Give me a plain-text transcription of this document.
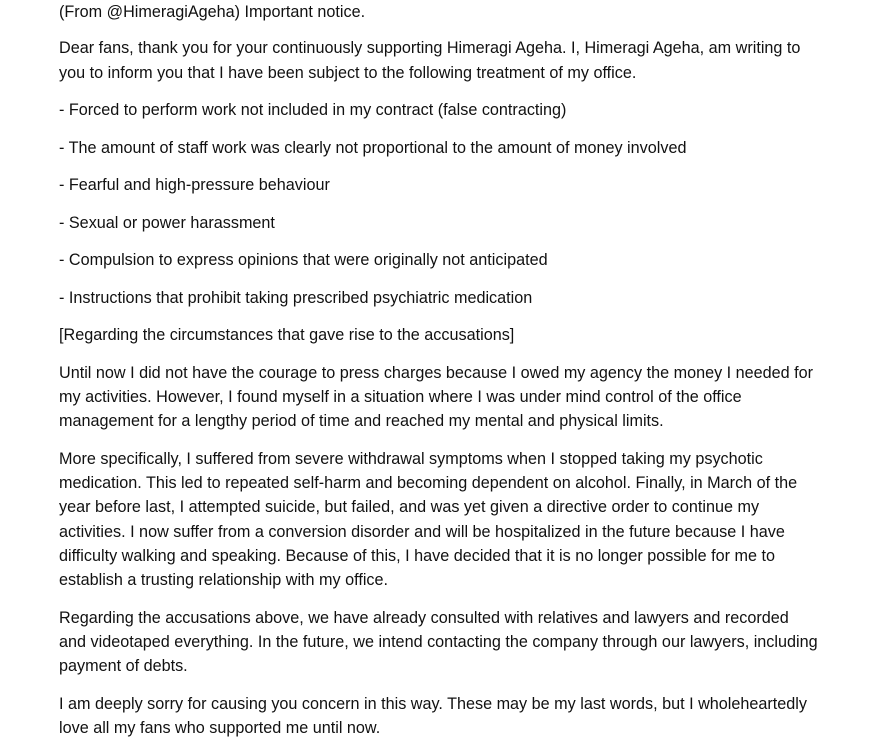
(From @HimeragiAgeha) Important notice.

Dear fans, thank you for your continuously supporting Himeragi Ageha. I, Himeragi Ageha, am writing to you to inform you that I have been subject to the following treatment of my office.

- Forced to perform work not included in my contract (false contracting)

- The amount of staff work was clearly not proportional to the amount of money involved

- Fearful and high-pressure behaviour

- Sexual or power harassment

- Compulsion to express opinions that were originally not anticipated

- Instructions that prohibit taking prescribed psychiatric medication

[Regarding the circumstances that gave rise to the accusations]

Until now I did not have the courage to press charges because I owed my agency the money I needed for my activities. However, I found myself in a situation where I was under mind control of the office management for a lengthy period of time and reached my mental and physical limits.

More specifically, I suffered from severe withdrawal symptoms when I stopped taking my psychotic medication. This led to repeated self-harm and becoming dependent on alcohol. Finally, in March of the year before last, I attempted suicide, but failed, and was yet given a directive order to continue my activities. I now suffer from a conversion disorder and will be hospitalized in the future because I have difficulty walking and speaking. Because of this, I have decided that it is no longer possible for me to establish a trusting relationship with my office.

Regarding the accusations above, we have already consulted with relatives and lawyers and recorded and videotaped everything. In the future, we intend contacting the company through our lawyers, including payment of debts.

I am deeply sorry for causing you concern in this way. These may be my last words, but I wholeheartedly love all my fans who supported me until now.
